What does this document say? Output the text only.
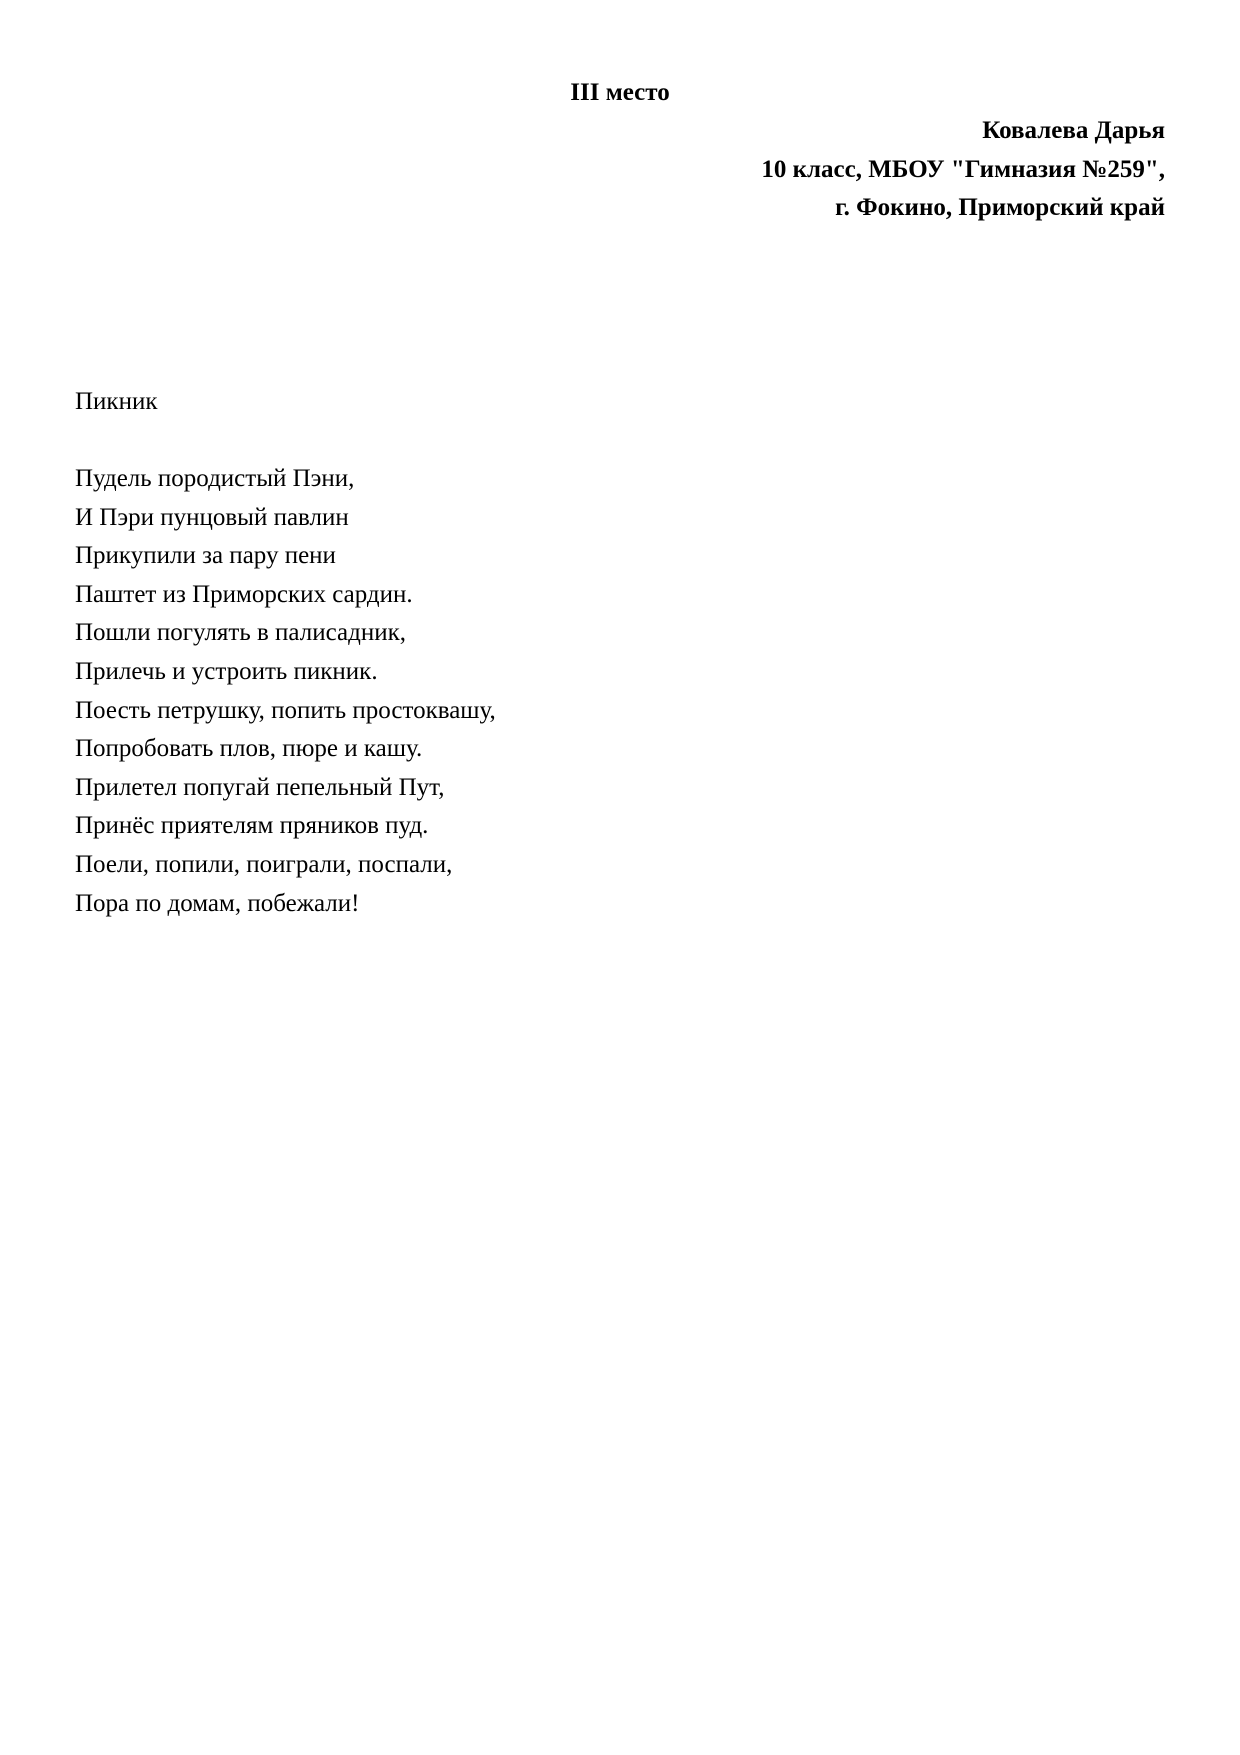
III место
Ковалева Дарья
10 класс, МБОУ "Гимназия №259",
г. Фокино, Приморский край
Пикник
Пудель породистый Пэни,
И Пэри пунцовый павлин
Прикупили за пару пени
Паштет из Приморских сардин.
Пошли погулять в палисадник,
Прилечь и устроить пикник.
Поесть петрушку, попить простоквашу,
Попробовать плов, пюре и кашу.
Прилетел попугай пепельный Пут,
Принёс приятелям пряников пуд.
Поели, попили, поиграли, поспали,
Пора по домам, побежали!
